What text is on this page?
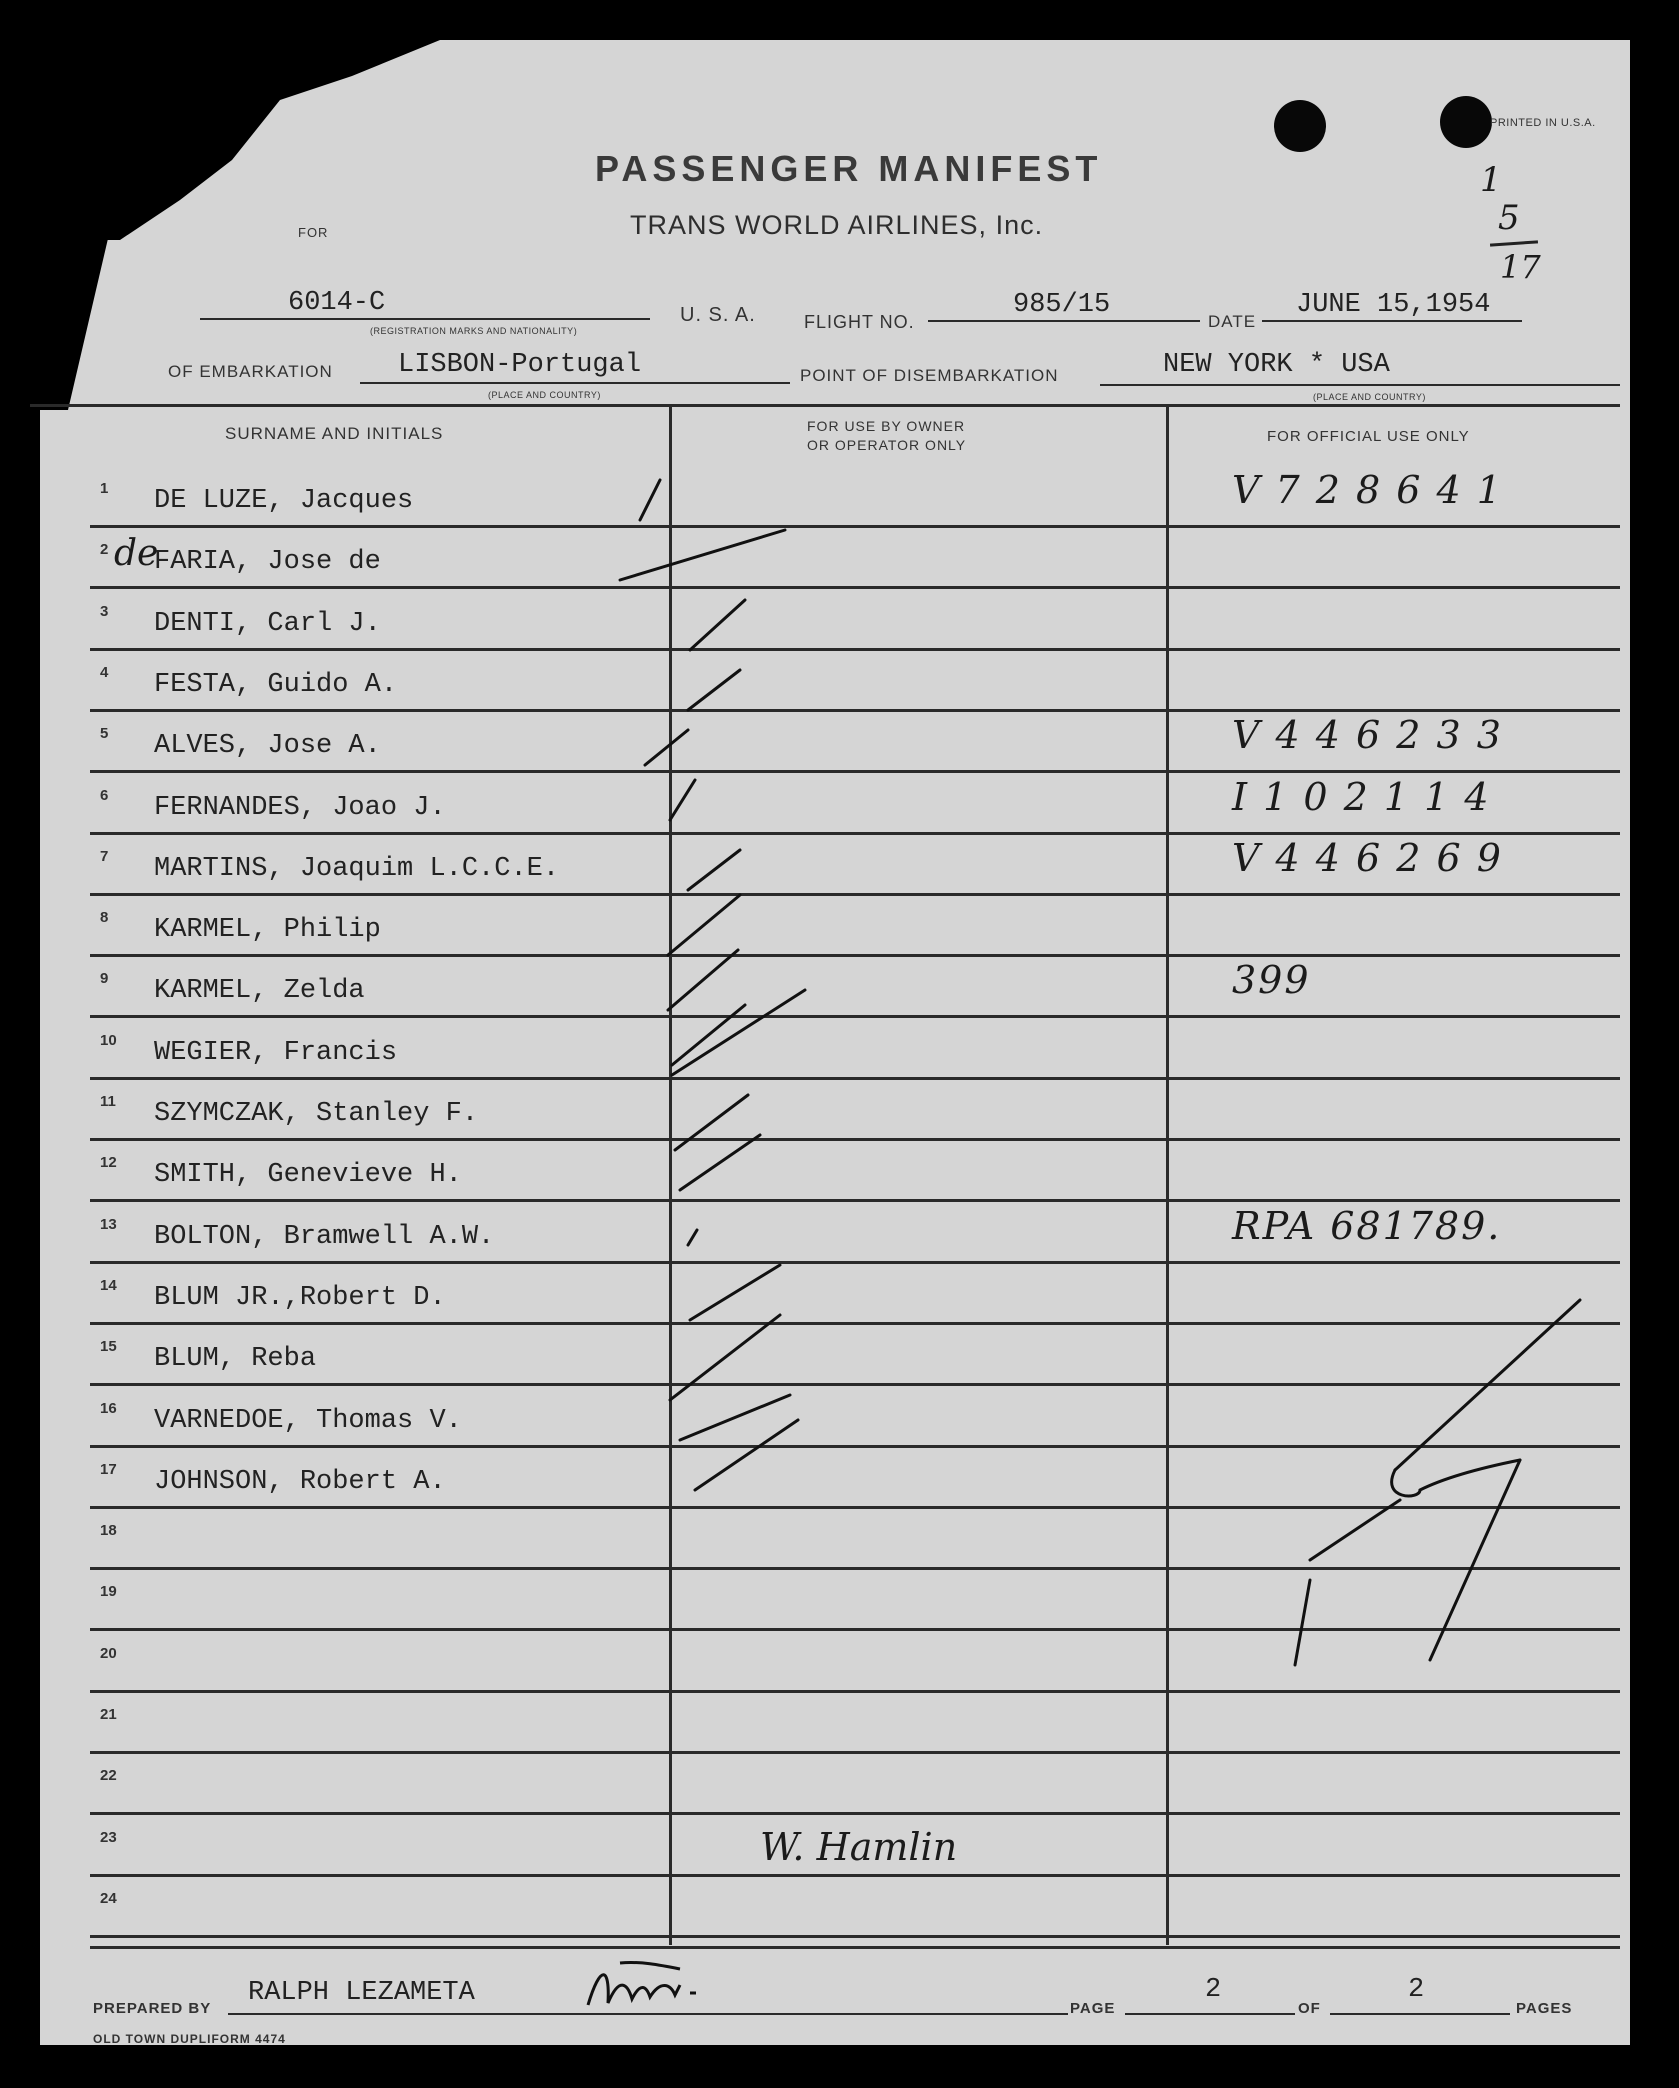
PRINTED IN U.S.A.
PASSENGER MANIFEST
TRANS WORLD AIRLINES, Inc.
FOR
1
5
17
6014-C
(REGISTRATION MARKS AND NATIONALITY)
U. S. A.	FLIGHT NO.
985/15
DATE
JUNE 15,1954
OF EMBARKATION LISBON-Portugal
(PLACE AND COUNTRY)
POINT OF DISEMBARKATION	NEW YORK * USA
(PLACE AND COUNTRY)
SURNAME AND INITIALS	FOR USE BY OWNER
OR OPERATOR ONLY	FOR OFFICIAL USE ONLY
1 DE LUZE, Jacques	V 7 2 8 6 4 1
2 FARIA, Jose de
de
3 DENTI, Carl J.
4 FESTA, Guido A.
5 ALVES, Jose A.	V 4 4 6 2 3 3
6 FERNANDES, Joao J.	I 1 0 2 1 1 4
7 MARTINS, Joaquim L.C.C.E.	V 4 4 6 2 6 9
8 KARMEL, Philip
9 KARMEL, Zelda	399
10 WEGIER, Francis
11 SZYMCZAK, Stanley F.
12 SMITH, Genevieve H.
13 BOLTON, Bramwell A.W.	RPA 681789.
14 BLUM JR.,Robert D.
15 BLUM, Reba
16 VARNEDOE, Thomas V.
17 JOHNSON, Robert A.
18
19
20
21
22
23
24
W. Hamlin
PREPARED BY
RALPH LEZAMETA
PAGE
2
OF
2
PAGES
OLD TOWN DUPLIFORM 4474
